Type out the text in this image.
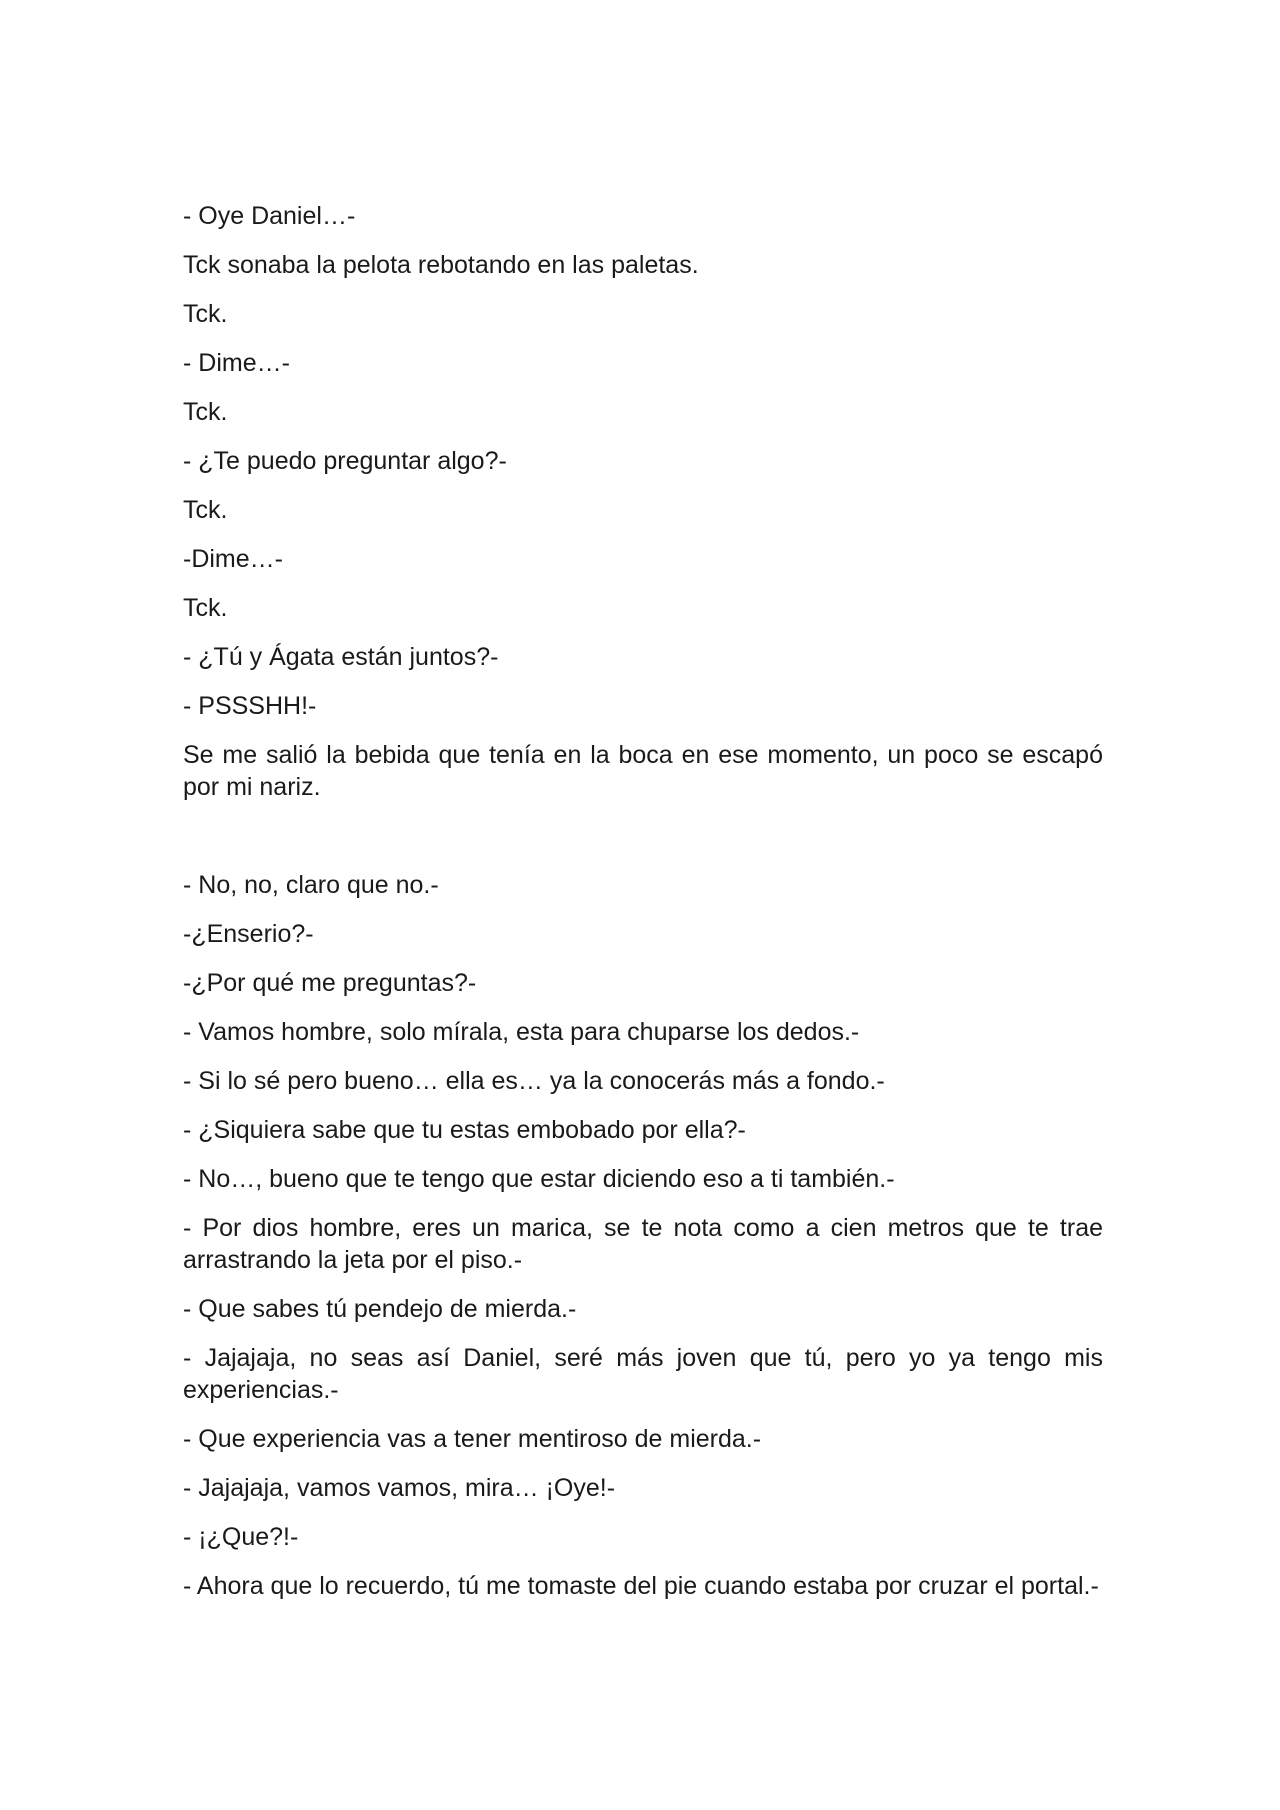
- Oye Daniel…-

Tck sonaba la pelota rebotando en las paletas.

Tck.

- Dime…-

Tck.

- ¿Te puedo preguntar algo?-

Tck.

-Dime…-

Tck.

- ¿Tú y Ágata están juntos?-

- PSSSHH!-

Se me salió la bebida que tenía en la boca en ese momento, un poco se escapó por mi nariz.

- No, no, claro que no.-

-¿Enserio?-

-¿Por qué me preguntas?-

- Vamos hombre, solo mírala, esta para chuparse los dedos.-

- Si lo sé pero bueno… ella es… ya la conocerás más a fondo.-

- ¿Siquiera sabe que tu estas embobado por ella?-

- No…, bueno que te tengo que estar diciendo eso a ti también.-

- Por dios hombre, eres un marica, se te nota como a cien metros que te trae arrastrando la jeta por el piso.-

- Que sabes tú pendejo de mierda.-

- Jajajaja, no seas así Daniel, seré más joven que tú, pero yo ya tengo mis experiencias.-

- Que experiencia vas a tener mentiroso de mierda.-

- Jajajaja, vamos vamos, mira… ¡Oye!-

- ¡¿Que?!-

- Ahora que lo recuerdo, tú me tomaste del pie cuando estaba por cruzar el portal.-
